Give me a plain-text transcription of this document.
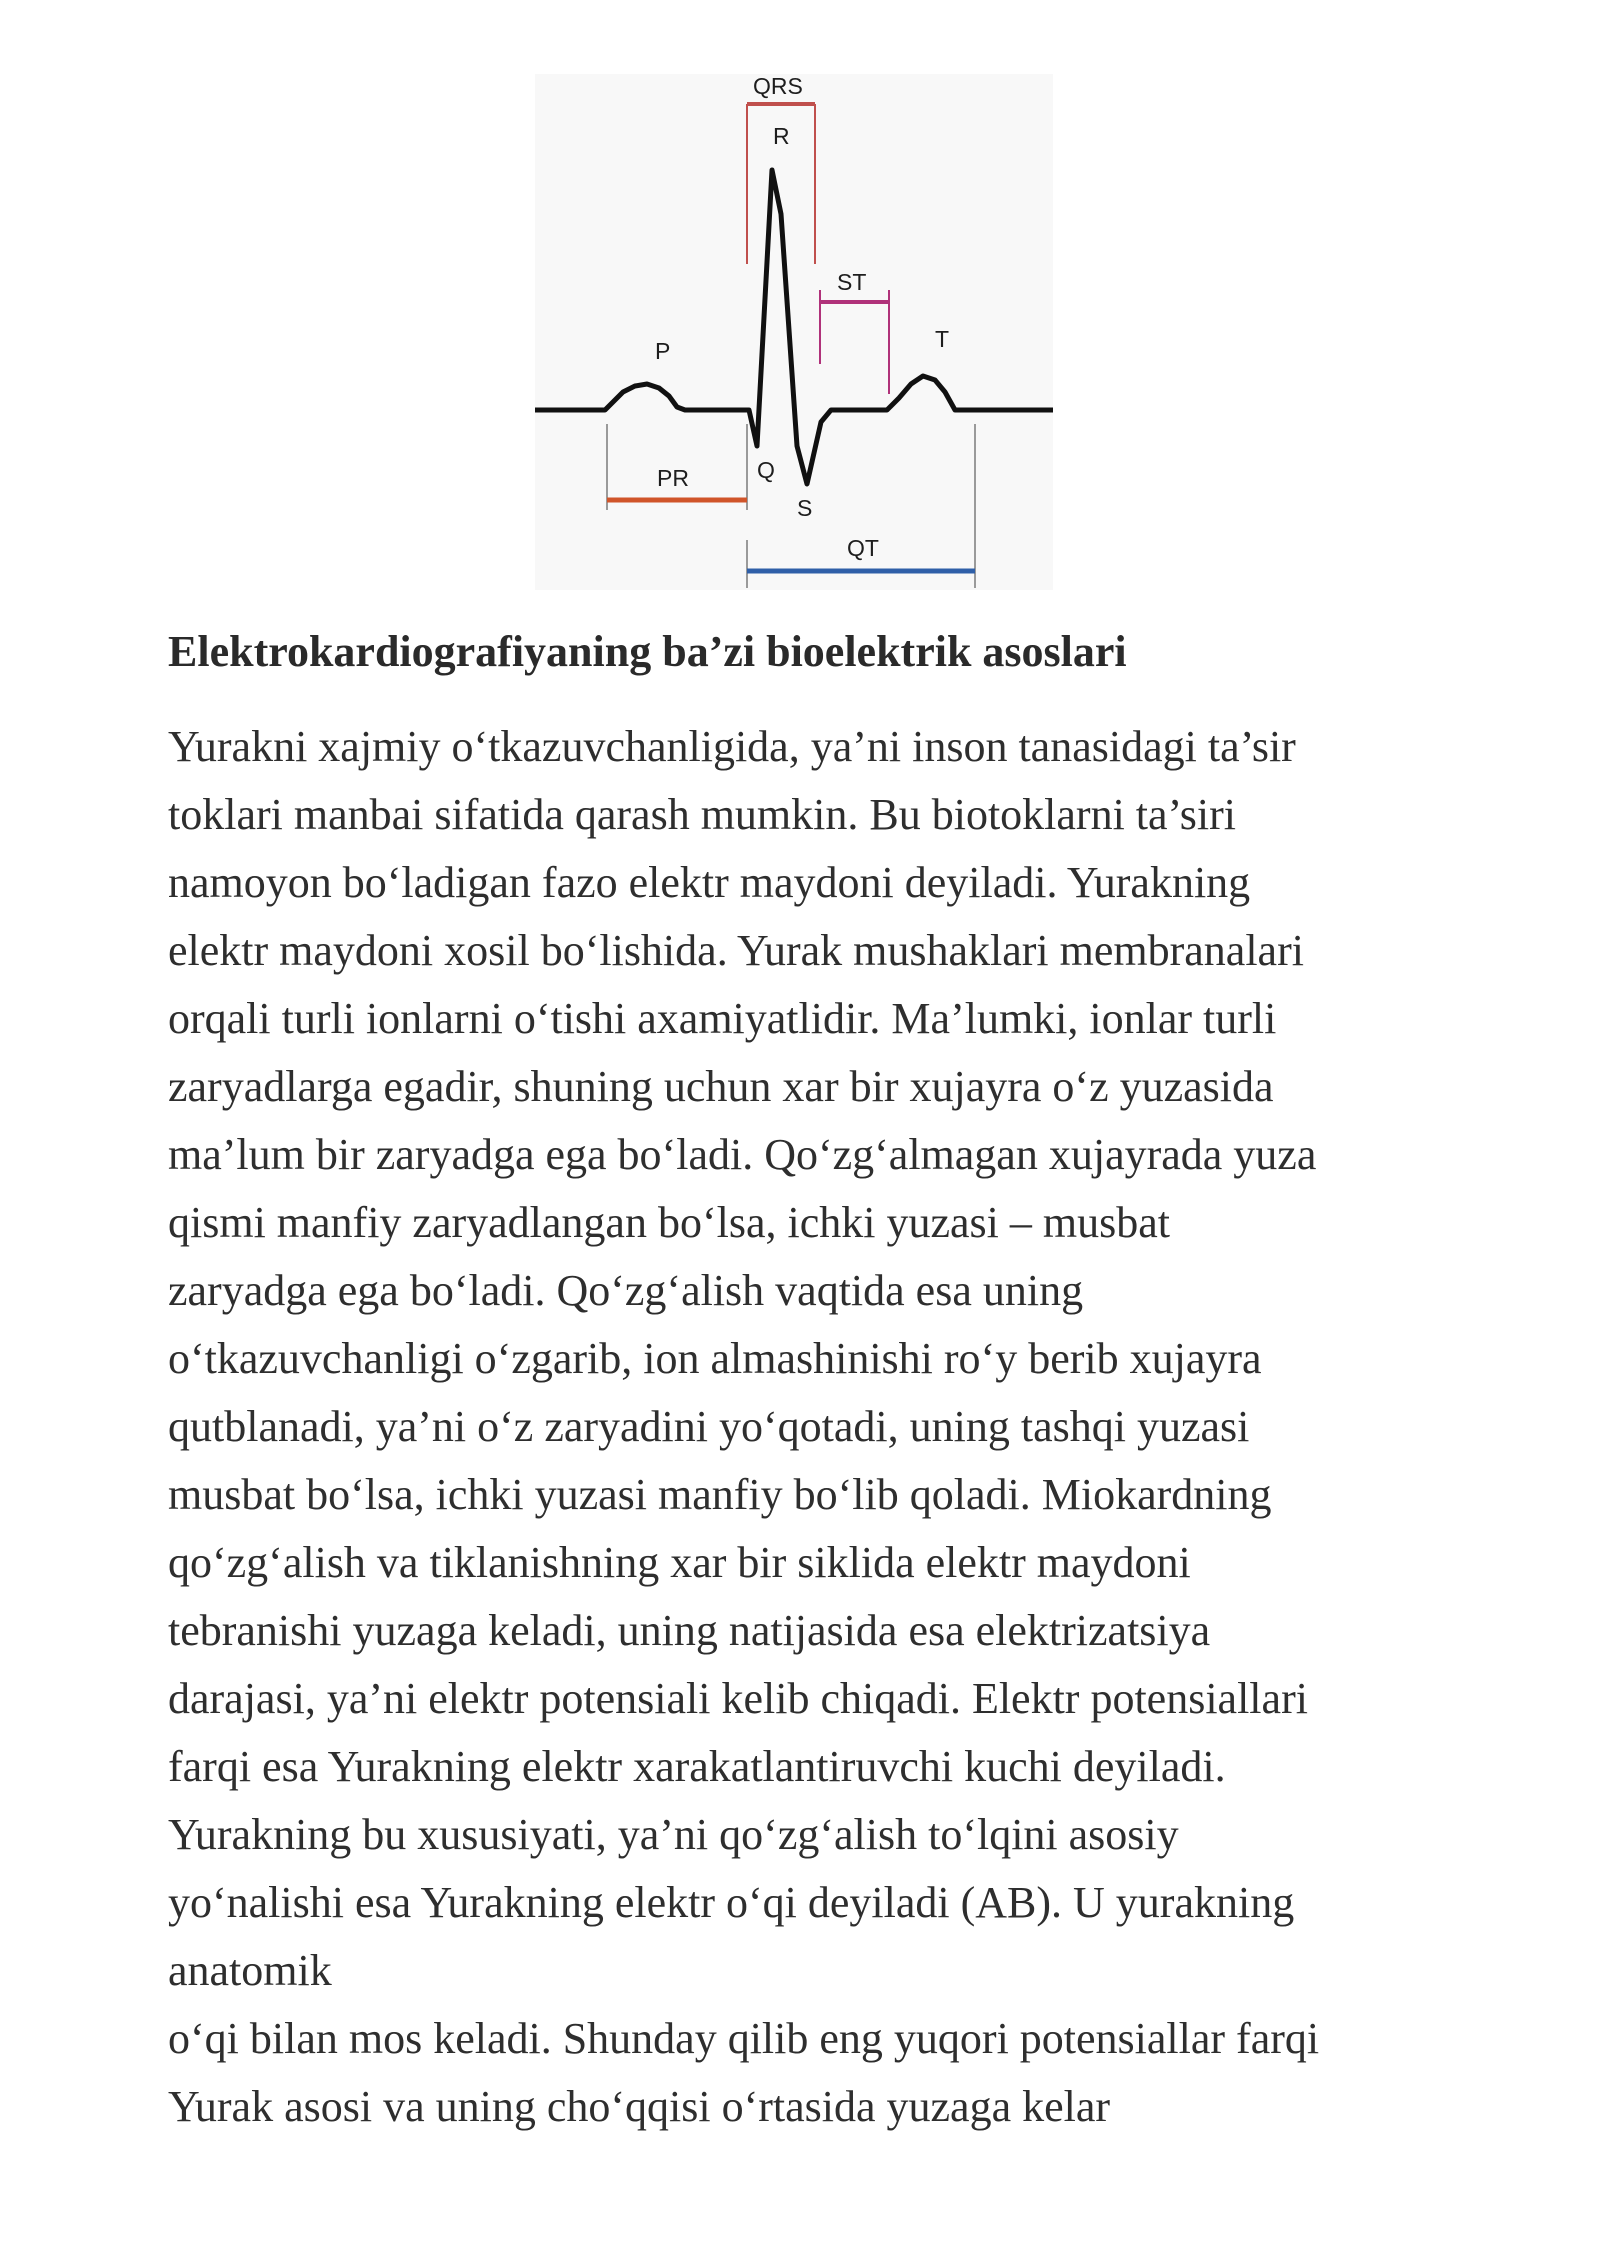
QRS
R
ST
P	T
PR	Q
S
QT
Elektrokardiografiyaning ba’zi bioelektrik asoslari
Yurakni xajmiy o‘tkazuvchanligida, ya’ni inson tanasidagi ta’sir
toklari manbai sifatida qarash mumkin. Bu biotoklarni ta’siri
namoyon bo‘ladigan fazo elektr maydoni deyiladi. Yurakning
elektr maydoni xosil bo‘lishida. Yurak mushaklari membranalari
orqali turli ionlarni o‘tishi axamiyatlidir. Ma’lumki, ionlar turli
zaryadlarga egadir, shuning uchun xar bir xujayra o‘z yuzasida
ma’lum bir zaryadga ega bo‘ladi. Qo‘zg‘almagan xujayrada yuza
qismi manfiy zaryadlangan bo‘lsa, ichki yuzasi – musbat
zaryadga ega bo‘ladi. Qo‘zg‘alish vaqtida esa uning
o‘tkazuvchanligi o‘zgarib, ion almashinishi ro‘y berib xujayra
qutblanadi, ya’ni o‘z zaryadini yo‘qotadi, uning tashqi yuzasi
musbat bo‘lsa, ichki yuzasi manfiy bo‘lib qoladi. Miokardning
qo‘zg‘alish va tiklanishning xar bir siklida elektr maydoni
tebranishi yuzaga keladi, uning natijasida esa elektrizatsiya
darajasi, ya’ni elektr potensiali kelib chiqadi. Elektr potensiallari
farqi esa Yurakning elektr xarakatlantiruvchi kuchi deyiladi.
Yurakning bu xususiyati, ya’ni qo‘zg‘alish to‘lqini asosiy
yo‘nalishi esa Yurakning elektr o‘qi deyiladi (AB). U yurakning
anatomik
o‘qi bilan mos keladi. Shunday qilib eng yuqori potensiallar farqi
Yurak asosi va uning cho‘qqisi o‘rtasida yuzaga kelar
